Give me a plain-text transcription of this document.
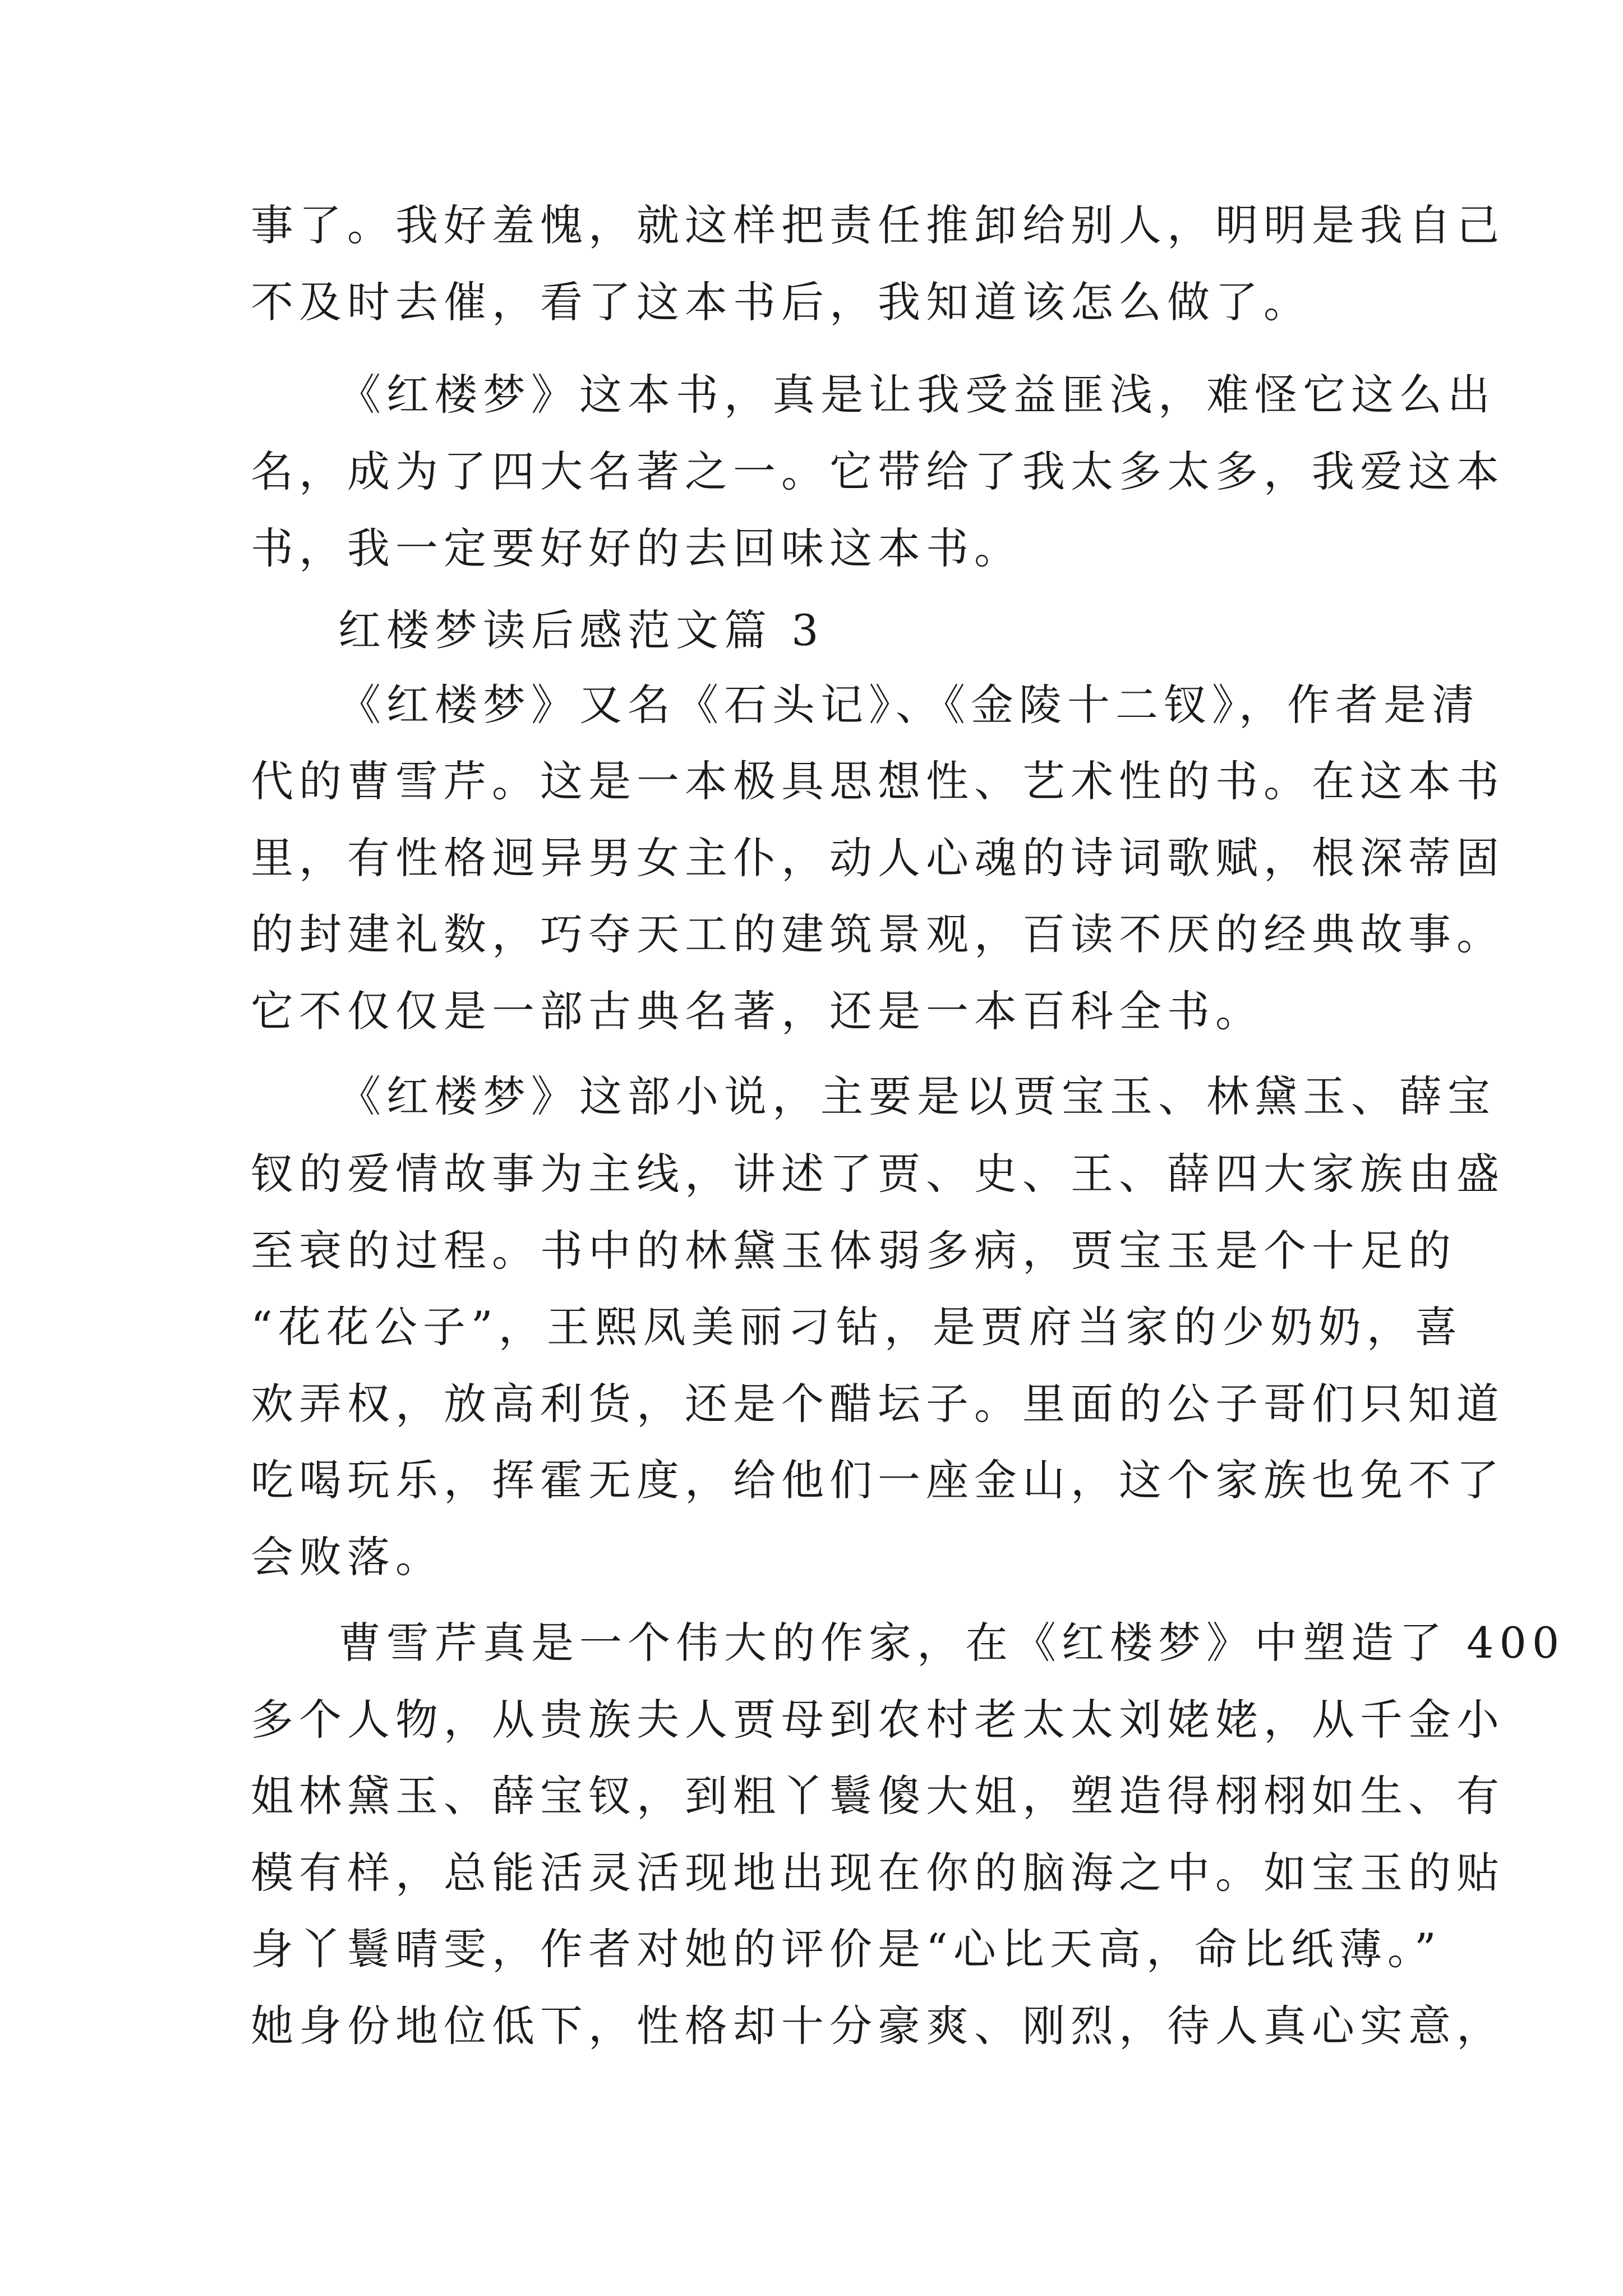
事了。我好羞愧，就这样把责任推卸给别人，明明是我自己

不及时去催，看了这本书后，我知道该怎么做了。

《红楼梦》这本书，真是让我受益匪浅，难怪它这么出

名，成为了四大名著之一。它带给了我太多太多，我爱这本

书，我一定要好好的去回味这本书。

红楼梦读后感范文篇 3

《红楼梦》又名《石头记》、《金陵十二钗》，作者是清

代的曹雪芹。这是一本极具思想性、艺术性的书。在这本书

里，有性格迥异男女主仆，动人心魂的诗词歌赋，根深蒂固

的封建礼数，巧夺天工的建筑景观，百读不厌的经典故事。

它不仅仅是一部古典名著，还是一本百科全书。

《红楼梦》这部小说，主要是以贾宝玉、林黛玉、薛宝

钗的爱情故事为主线，讲述了贾、史、王、薛四大家族由盛

至衰的过程。书中的林黛玉体弱多病，贾宝玉是个十足的

“花花公子”，王熙凤美丽刁钻，是贾府当家的少奶奶，喜

欢弄权，放高利货，还是个醋坛子。里面的公子哥们只知道

吃喝玩乐，挥霍无度，给他们一座金山，这个家族也免不了

会败落。

曹雪芹真是一个伟大的作家，在《红楼梦》中塑造了 400

多个人物，从贵族夫人贾母到农村老太太刘姥姥，从千金小

姐林黛玉、薛宝钗，到粗丫鬟傻大姐，塑造得栩栩如生、有

模有样，总能活灵活现地出现在你的脑海之中。如宝玉的贴

身丫鬟晴雯，作者对她的评价是“心比天高，命比纸薄。”

她身份地位低下，性格却十分豪爽、刚烈，待人真心实意，
